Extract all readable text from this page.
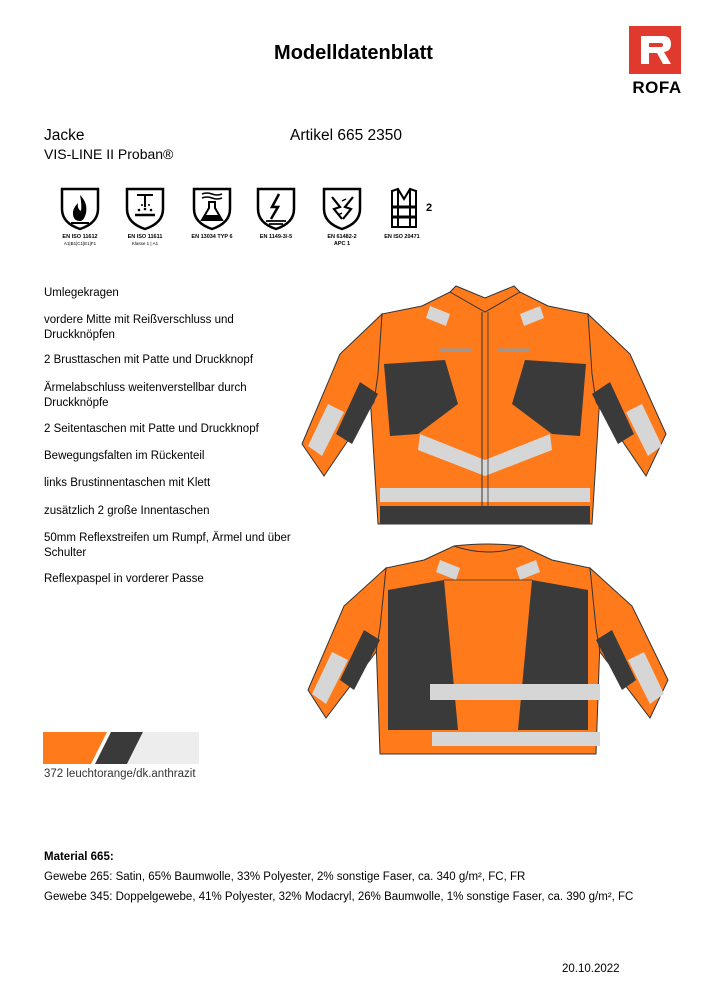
Modelldatenblatt
ROFA
Jacke
VIS-LINE II Proban®
Artikel 665 2350
EN ISO 11612
A1|B1|C1|E1|F1
EN ISO 11611
Klasse 1 | A1
EN 13034 TYP 6	EN 1149-3/-5	EN 61482-2
APC 1
2
EN ISO 20471
Umlegekragen
vordere Mitte mit Reißverschluss und Druckknöpfen
2 Brusttaschen mit Patte und Druckknopf
Ärmelabschluss weitenverstellbar durch Druckknöpfe
2 Seitentaschen mit Patte und Druckknopf
Bewegungsfalten im Rückenteil
links Brustinnentaschen mit Klett
zusätzlich 2 große Innentaschen
50mm Reflexstreifen um Rumpf, Ärmel und über Schulter
Reflexpaspel in vorderer Passe
372 leuchtorange/dk.anthrazit
Material 665:
Gewebe 265: Satin, 65% Baumwolle, 33% Polyester, 2% sonstige Faser, ca. 340 g/m², FC, FR
Gewebe 345: Doppelgewebe, 41% Polyester, 32% Modacryl, 26% Baumwolle, 1% sonstige Faser, ca. 390 g/m², FC
20.10.2022
